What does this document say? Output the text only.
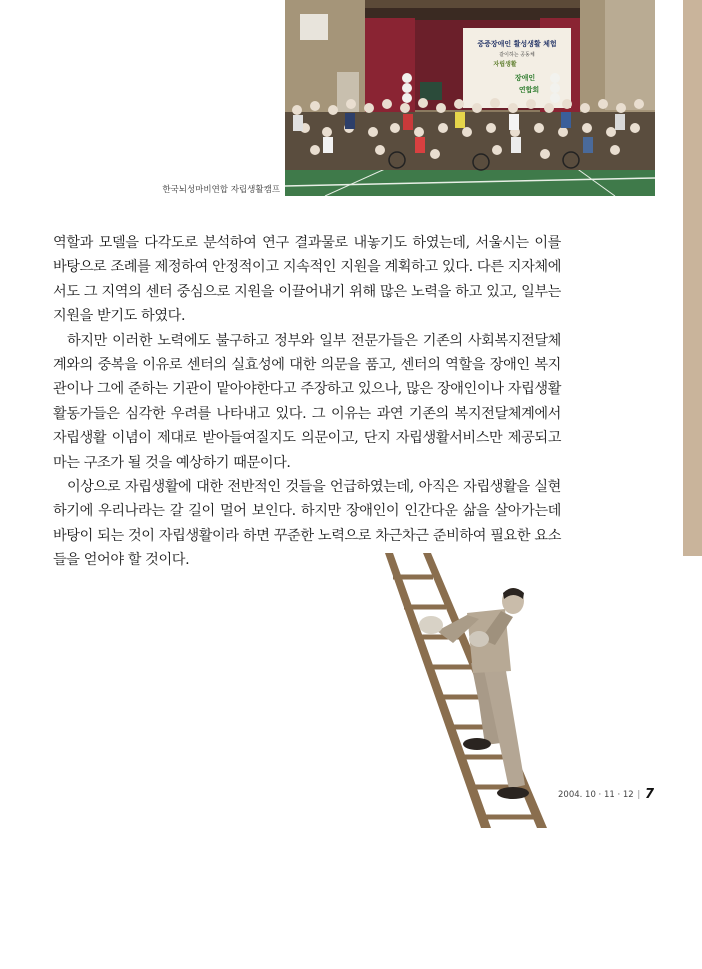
중증장애인 활성생활 체험
같이하는 공동체
자립생활
장애인
연합회
한국뇌성마비연합 자립생활캠프

역할과 모델을 다각도로 분석하여 연구 결과물로 내놓기도 하였는데, 서울시는 이를 바탕으로 조례를 제정하여 안정적이고 지속적인 지원을 계획하고 있다. 다른 지자체에서도 그 지역의 센터 중심으로 지원을 이끌어내기 위해 많은 노력을 하고 있고, 일부는 지원을 받기도 하였다.

하지만 이러한 노력에도 불구하고 정부와 일부 전문가들은 기존의 사회복지전달체계와의 중복을 이유로 센터의 실효성에 대한 의문을 품고, 센터의 역할을 장애인 복지관이나 그에 준하는 기관이 맡아야한다고 주장하고 있으나, 많은 장애인이나 자립생활 활동가들은 심각한 우려를 나타내고 있다. 그 이유는 과연 기존의 복지전달체계에서 자립생활 이념이 제대로 받아들여질지도 의문이고, 단지 자립생활서비스만 제공되고 마는 구조가 될 것을 예상하기 때문이다.

이상으로 자립생활에 대한 전반적인 것들을 언급하였는데, 아직은 자립생활을 실현하기에 우리나라는 갈 길이 멀어 보인다. 하지만 장애인이 인간다운 삶을 살아가는데 바탕이 되는 것이 자립생활이라 하면 꾸준한 노력으로 차근차근 준비하여 필요한 요소들을 얻어야 할 것이다.

2004. 10 · 11 · 12 | 7
